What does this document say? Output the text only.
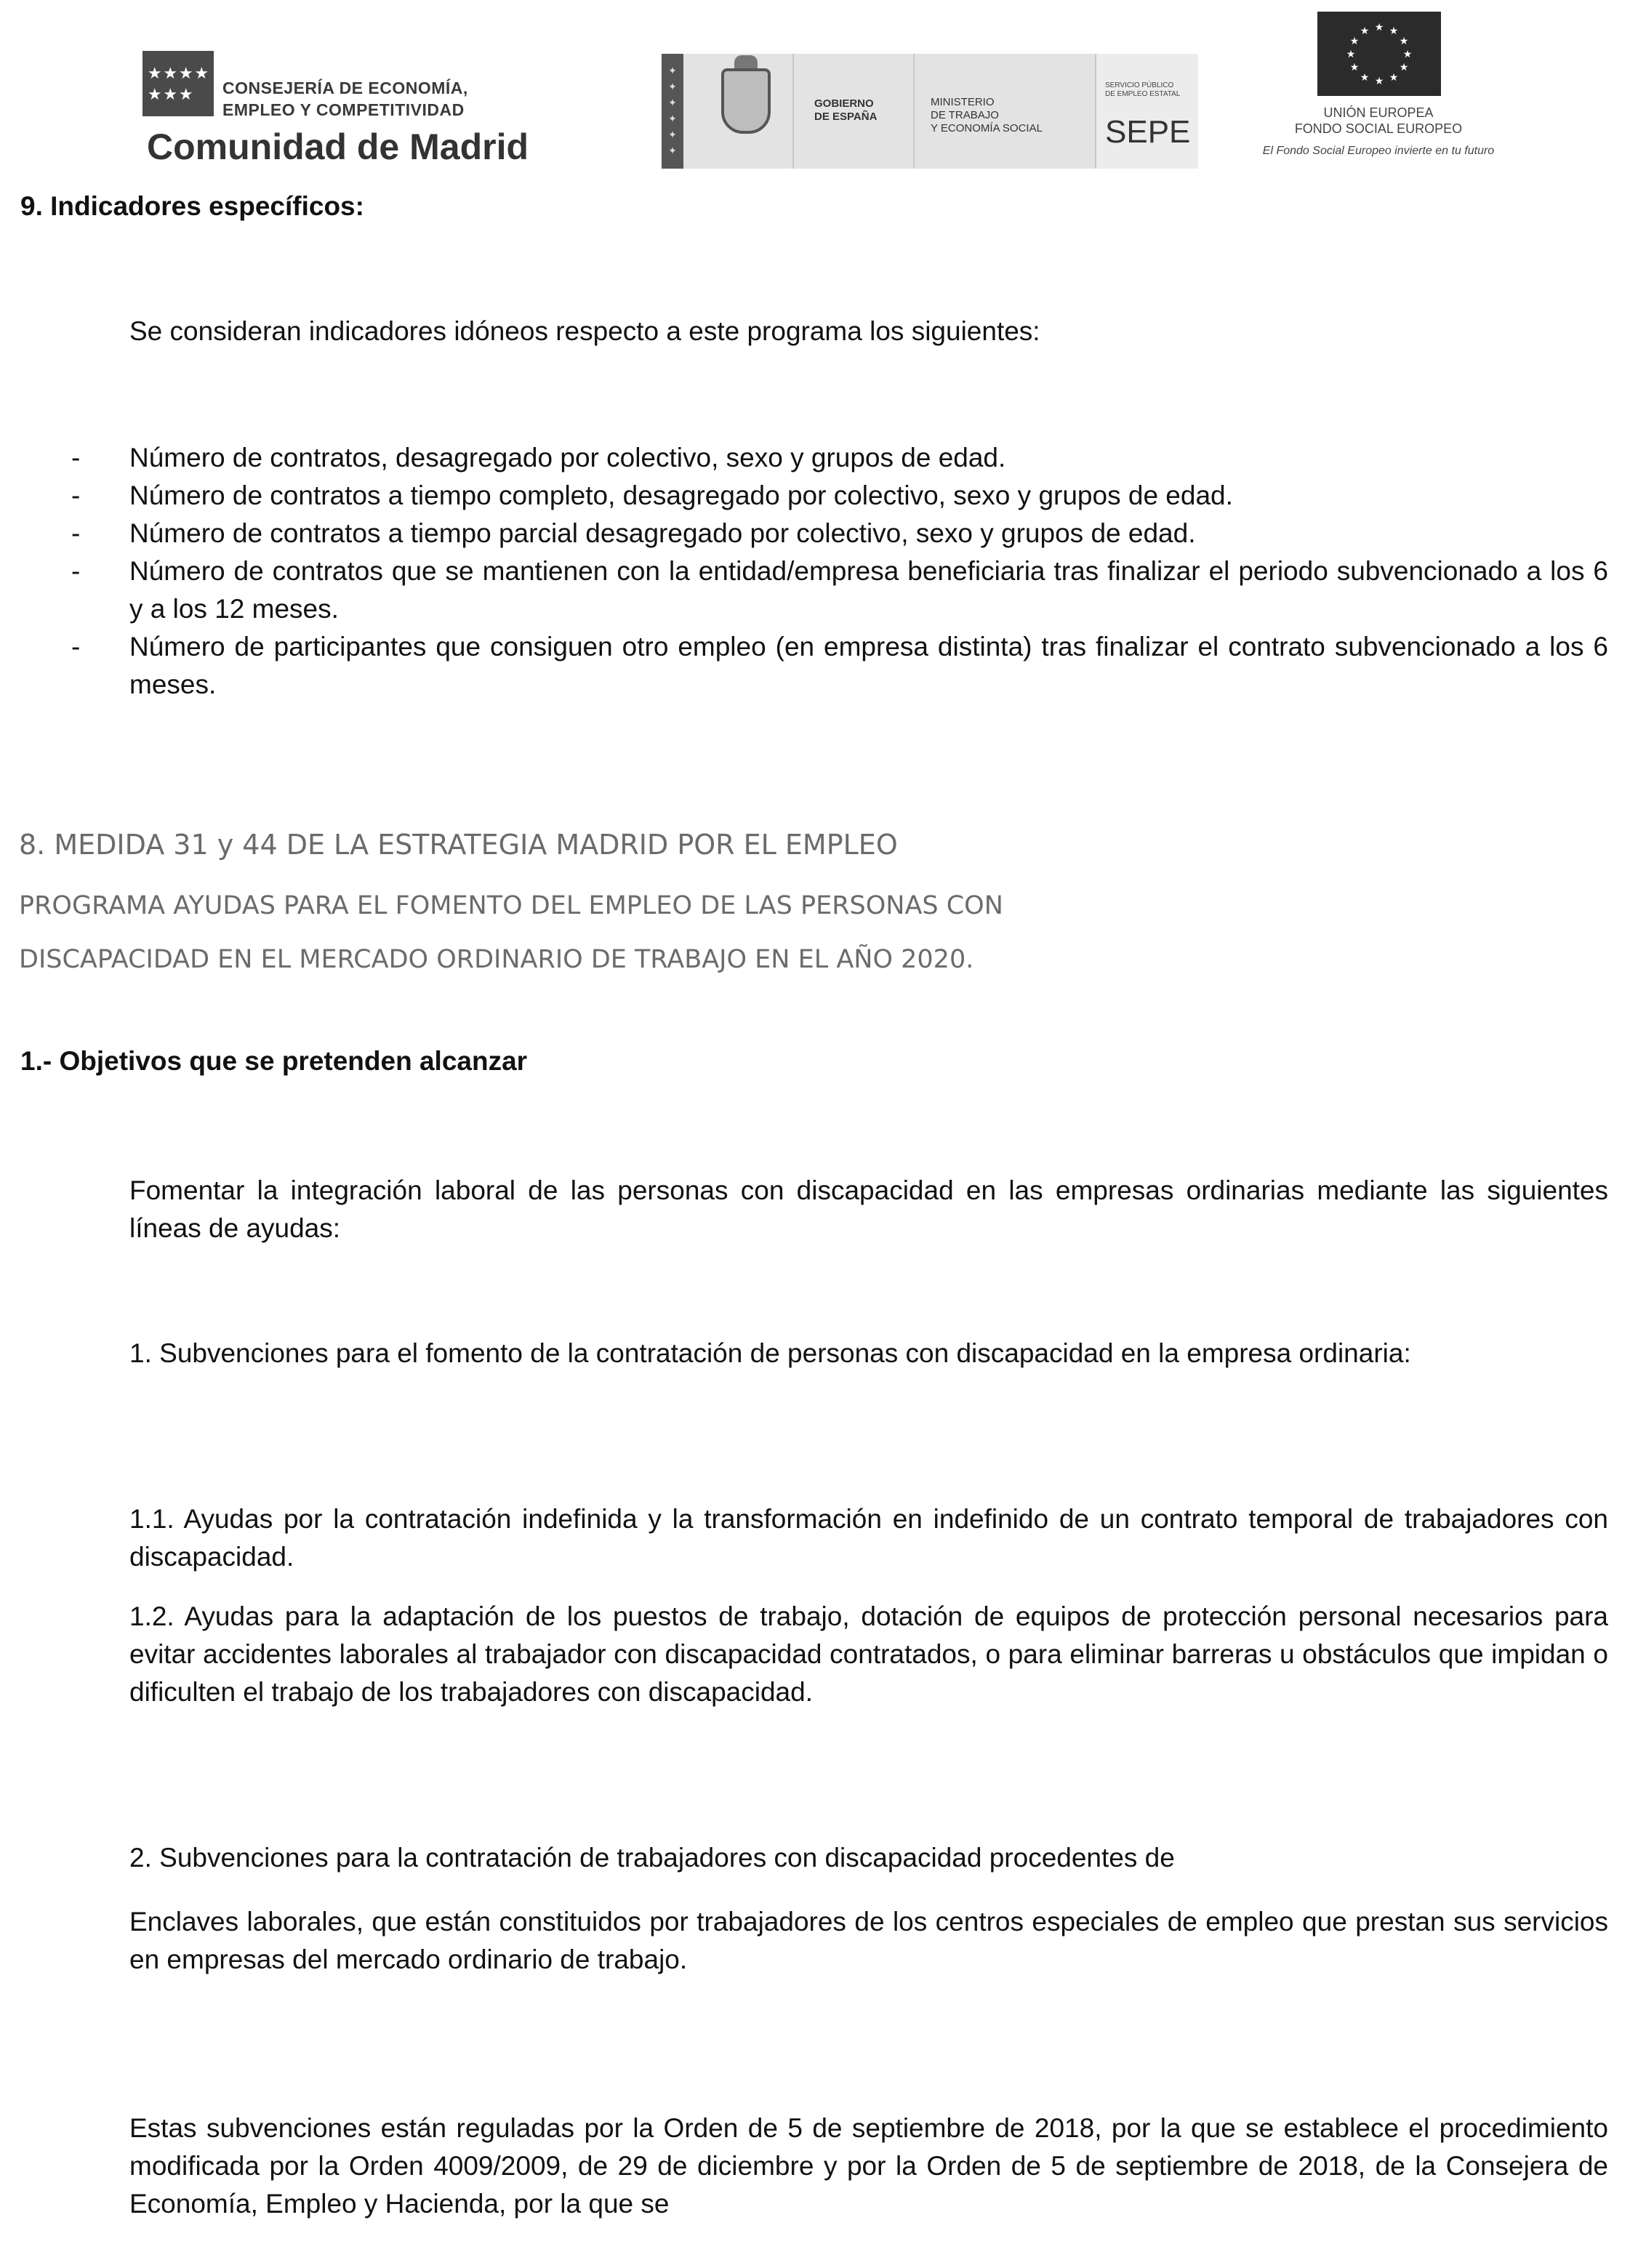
★ ★ ★ ★
★ ★ ★ CONSEJERÍA DE ECONOMÍA,
EMPLEO Y COMPETITIVIDAD
Comunidad de Madrid
✦
✦
✦
✦
✦
✦
GOBIERNO
DE ESPAÑA
MINISTERIO
DE TRABAJO
Y ECONOMÍA SOCIAL
SERVICIO PÚBLICO
DE EMPLEO ESTATAL
SEPE
★ ★
★
★
★
★
★
★
★
★
★
★
UNIÓN EUROPEA
FONDO SOCIAL EUROPEO
El Fondo Social Europeo invierte en tu futuro
9. Indicadores específicos:

Se consideran indicadores idóneos respecto a este programa los siguientes:

- Número de contratos, desagregado por colectivo, sexo y grupos de edad.
- Número de contratos a tiempo completo, desagregado por colectivo, sexo y grupos de edad.
- Número de contratos a tiempo parcial desagregado por colectivo, sexo y grupos de edad.
- Número de contratos que se mantienen con la entidad/empresa beneficiaria tras finalizar el periodo subvencionado a los 6 y a los 12 meses.
- Número de participantes que consiguen otro empleo (en empresa distinta) tras finalizar el contrato subvencionado a los 6 meses.
8. MEDIDA 31 y 44 DE LA ESTRATEGIA MADRID POR EL EMPLEO
PROGRAMA AYUDAS PARA EL FOMENTO DEL EMPLEO DE LAS PERSONAS CON
DISCAPACIDAD EN EL MERCADO ORDINARIO DE TRABAJO EN EL AÑO 2020.
1.- Objetivos que se pretenden alcanzar

Fomentar la integración laboral de las personas con discapacidad en las empresas ordinarias mediante las siguientes líneas de ayudas:

1. Subvenciones para el fomento de la contratación de personas con discapacidad en la empresa ordinaria:

1.1. Ayudas por la contratación indefinida y la transformación en indefinido de un contrato temporal de trabajadores con discapacidad.

1.2. Ayudas para la adaptación de los puestos de trabajo, dotación de equipos de protección personal necesarios para evitar accidentes laborales al trabajador con discapacidad contratados, o para eliminar barreras u obstáculos que impidan o dificulten el trabajo de los trabajadores con discapacidad.

2. Subvenciones para la contratación de trabajadores con discapacidad procedentes de

Enclaves laborales, que están constituidos por trabajadores de los centros especiales de empleo que prestan sus servicios en empresas del mercado ordinario de trabajo.

Estas subvenciones están reguladas por la Orden de 5 de septiembre de 2018, por la que se establece el procedimiento modificada por la Orden 4009/2009, de 29 de diciembre y por la Orden de 5 de septiembre de 2018, de la Consejera de Economía, Empleo y Hacienda, por la que se
